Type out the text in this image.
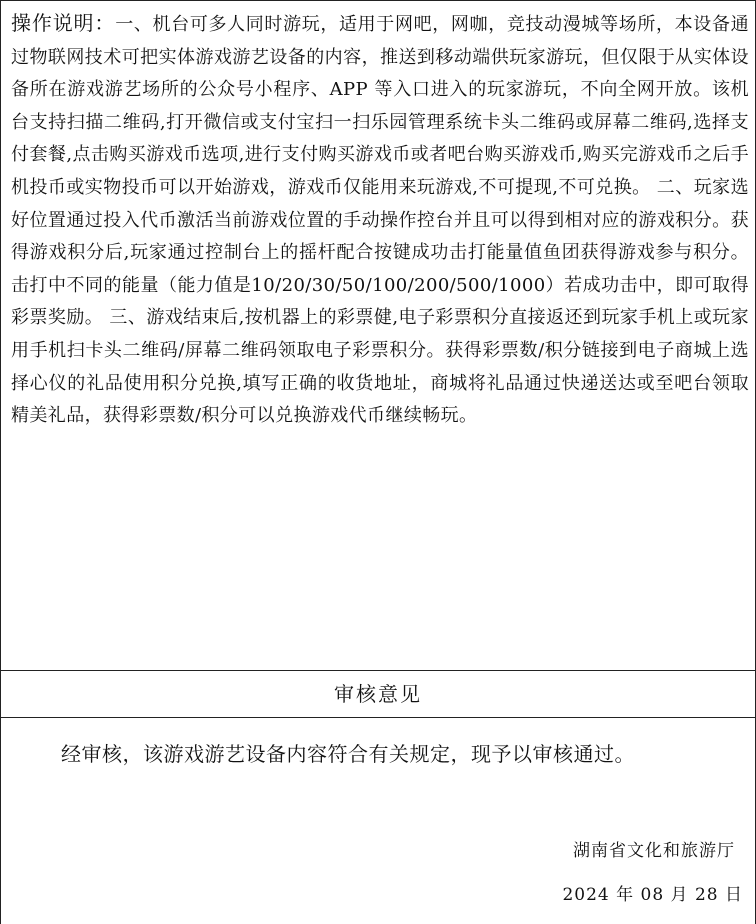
操作说明：一、机台可多人同时游玩，适用于网吧，网咖，竞技动漫城等场所，本设备通过物联网技术可把实体游戏游艺设备的内容，推送到移动端供玩家游玩，但仅限于从实体设备所在游戏游艺场所的公众号小程序、APP 等入口进入的玩家游玩，不向全网开放。该机台支持扫描二维码,打开微信或支付宝扫一扫乐园管理系统卡头二维码或屏幕二维码,选择支付套餐,点击购买游戏币选项,进行支付购买游戏币或者吧台购买游戏币,购买完游戏币之后手机投币或实物投币可以开始游戏，游戏币仅能用来玩游戏,不可提现,不可兑换。 二、玩家选好位置通过投入代币激活当前游戏位置的手动操作控台并且可以得到相对应的游戏积分。获得游戏积分后,玩家通过控制台上的摇杆配合按键成功击打能量值鱼团获得游戏参与积分。击打中不同的能量（能力值是10/20/30/50/100/200/500/1000）若成功击中，即可取得彩票奖励。 三、游戏结束后,按机器上的彩票健,电子彩票积分直接返还到玩家手机上或玩家用手机扫卡头二维码/屏幕二维码领取电子彩票积分。获得彩票数/积分链接到电子商城上选择心仪的礼品使用积分兑换,填写正确的收货地址，商城将礼品通过快递送达或至吧台领取精美礼品，获得彩票数/积分可以兑换游戏代币继续畅玩。
审核意见
经审核，该游戏游艺设备内容符合有关规定，现予以审核通过。
湖南省文化和旅游厅
2024 年 08 月 28 日
